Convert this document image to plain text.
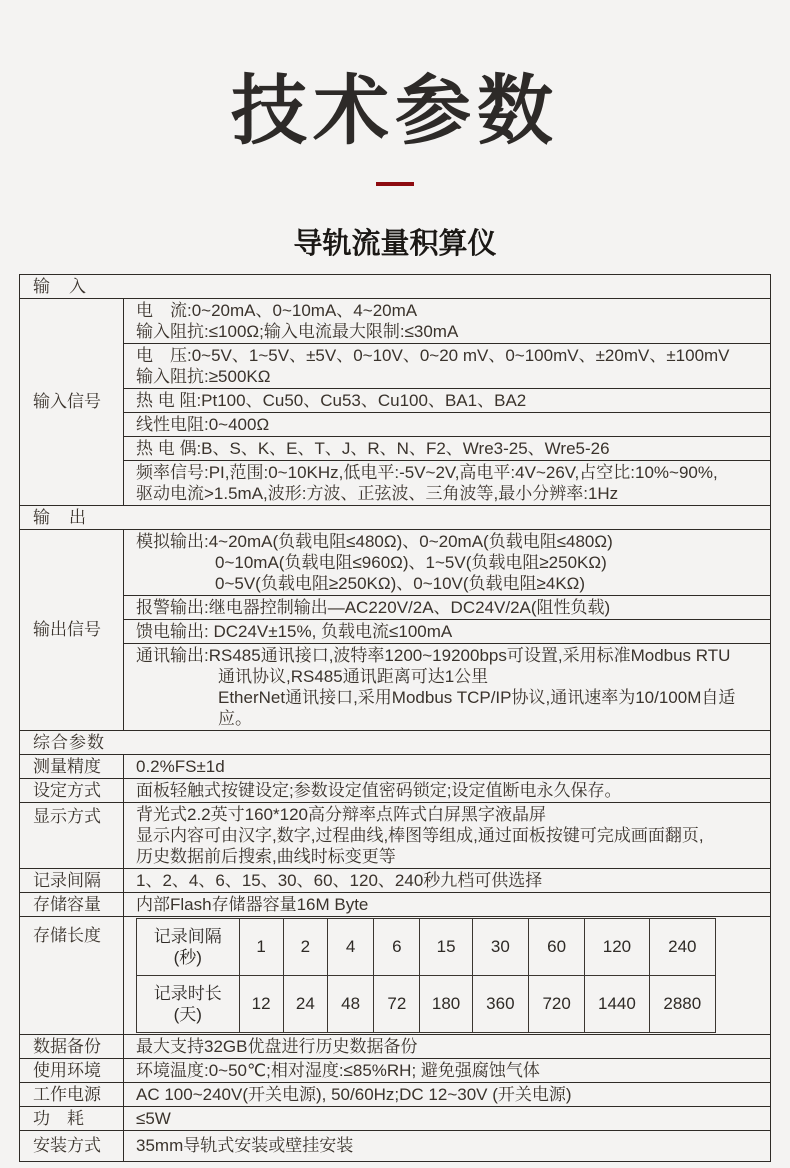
技术参数
导轨流量积算仪
输　入
输入信号	
电　流:0~20mA、0~10mA、4~20mA
输入阻抗:≤100Ω;输入电流最大限制:≤30mA

电　压:0~5V、1~5V、±5V、0~10V、0~20 mV、0~100mV、±20mV、±100mV
输入阻抗:≥500KΩ

热 电 阻:Pt100、Cu50、Cu53、Cu100、BA1、BA2
线性电阻:0~400Ω
热 电 偶:B、S、K、E、T、J、R、N、F2、Wre3-25、Wre5-26

频率信号:PI,范围:0~10KHz,低电平:-5V~2V,高电平:4V~26V,占空比:10%~90%,
驱动电流>1.5mA,波形:方波、正弦波、三角波等,最小分辨率:1Hz

输　出
输出信号	
模拟输出:4~20mA(负载电阻≤480Ω)、0~20mA(负载电阻≤480Ω)
0~10mA(负载电阻≤960Ω)、1~5V(负载电阻≥250KΩ)
0~5V(负载电阻≥250KΩ)、0~10V(负载电阻≥4KΩ)

报警输出:继电器控制输出—AC220V/2A、DC24V/2A(阻性负载)
馈电输出: DC24V±15%, 负载电流≤100mA

通讯输出:RS485通讯接口,波特率1200~19200bps可设置,采用标准Modbus RTU
通讯协议,RS485通讯距离可达1公里
EtherNet通讯接口,采用Modbus TCP/IP协议,通讯速率为10/100M自适应。

综合参数
测量精度	0.2%FS±1d
设定方式	面板轻触式按键设定;参数设定值密码锁定;设定值断电永久保存。
显示方式	背光式2.2英寸160*120高分辩率点阵式白屏黑字液晶屏
显示内容可由汉字,数字,过程曲线,棒图等组成,通过面板按键可完成画面翻页,
历史数据前后搜索,曲线时标变更等

记录间隔	1、2、4、6、15、30、60、120、240秒九档可供选择
存储容量	内部Flash存储器容量16M Byte
存储长度		记录间隔(秒)	1	2	4	6	15	30	60	120	240
记录时长(天)	12	24	48	72	180	360	720	1440	2880

数据备份	最大支持32GB优盘进行历史数据备份
使用环境	环境温度:0~50℃;相对湿度:≤85%RH; 避免强腐蚀气体
工作电源	AC 100~240V(开关电源), 50/60Hz;DC 12~30V (开关电源)
功　耗	≤5W
安装方式	35mm导轨式安装或壁挂安装
